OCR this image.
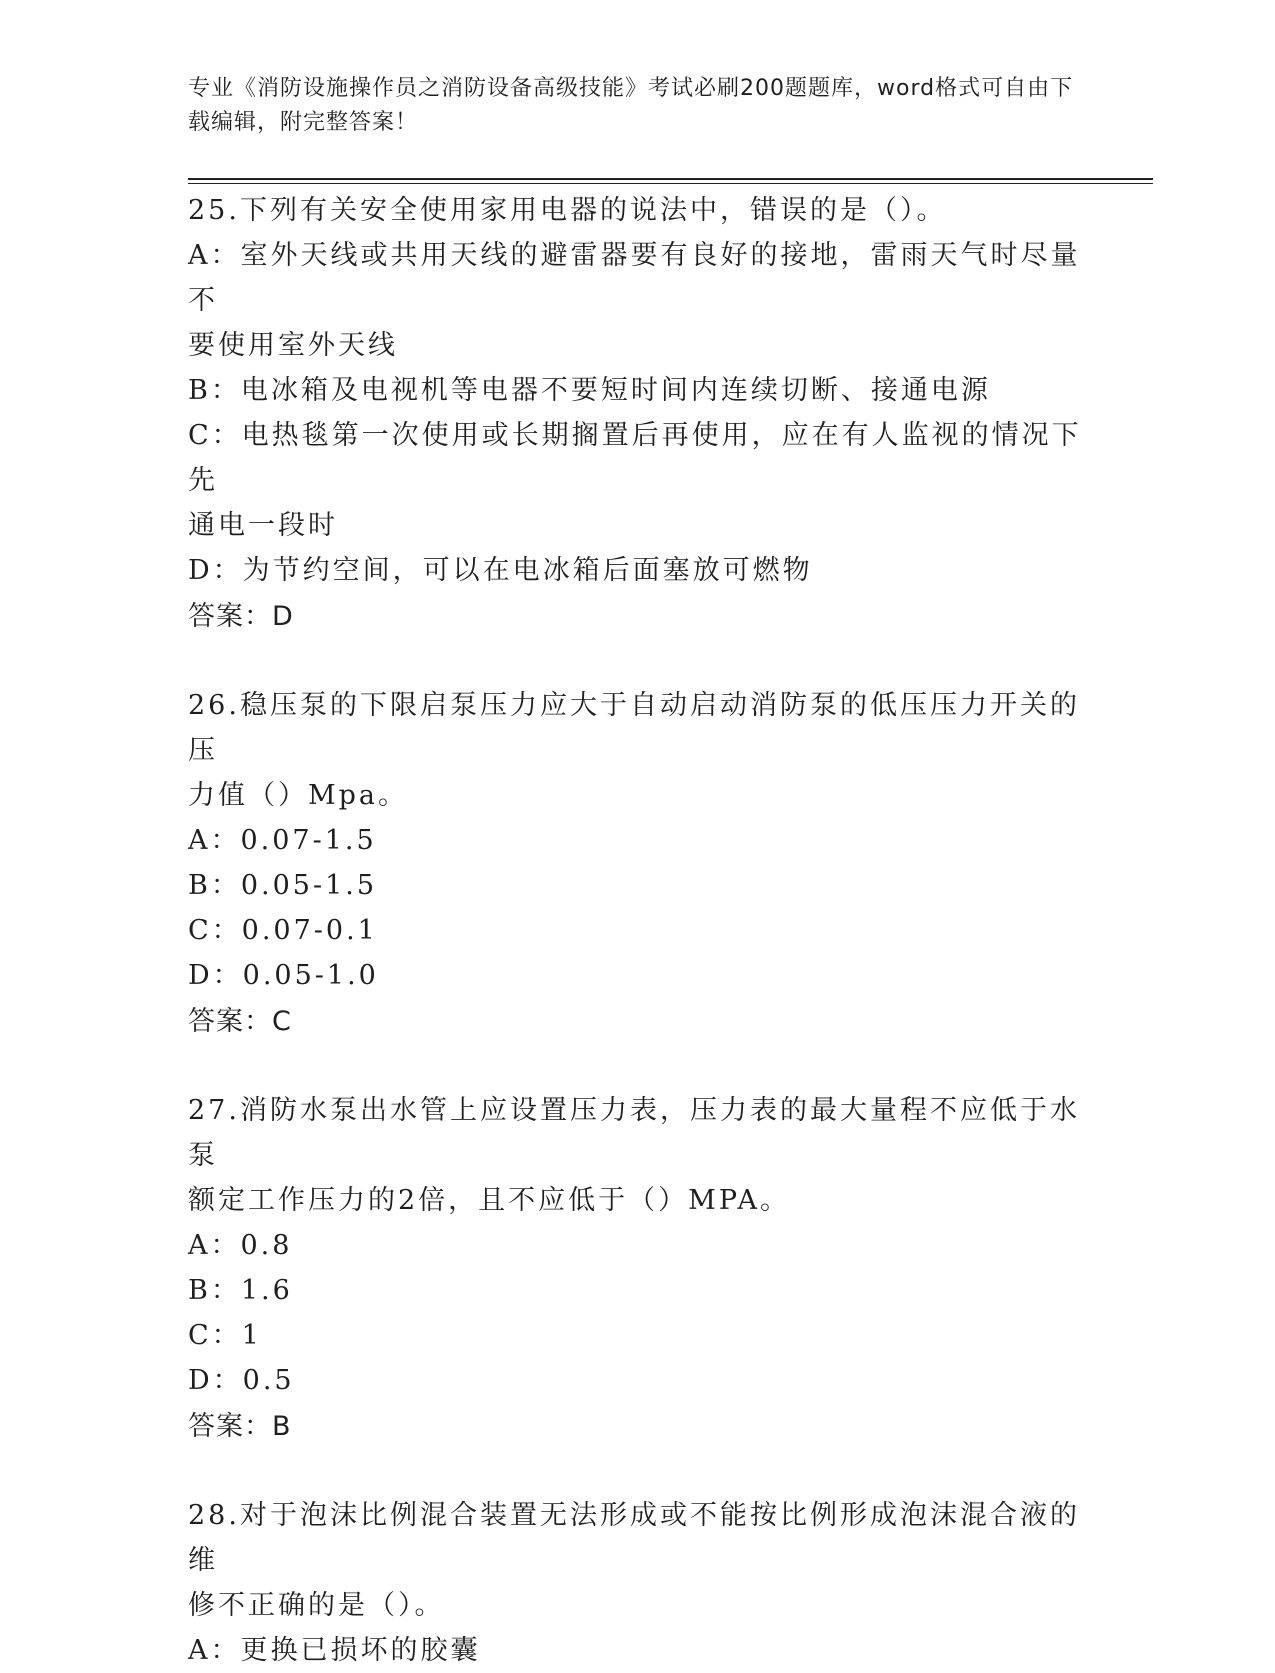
专业《消防设施操作员之消防设备高级技能》考试必刷200题题库，word格式可自由下载编辑，附完整答案！

25.下列有关安全使用家用电器的说法中，错误的是（）。

A：室外天线或共用天线的避雷器要有良好的接地，雷雨天气时尽量不

要使用室外天线

B：电冰箱及电视机等电器不要短时间内连续切断、接通电源

C：电热毯第一次使用或长期搁置后再使用，应在有人监视的情况下先

通电一段时

D：为节约空间，可以在电冰箱后面塞放可燃物

答案：D

26.稳压泵的下限启泵压力应大于自动启动消防泵的低压压力开关的压

力值（）Mpa。

A：0.07-1.5

B：0.05-1.5

C：0.07-0.1

D：0.05-1.0

答案：C

27.消防水泵出水管上应设置压力表，压力表的最大量程不应低于水泵

额定工作压力的2倍，且不应低于（）MPA。

A：0.8

B：1.6

C：1

D：0.5

答案：B

28.对于泡沫比例混合装置无法形成或不能按比例形成泡沫混合液的维

修不正确的是（）。

A：更换已损坏的胶囊
